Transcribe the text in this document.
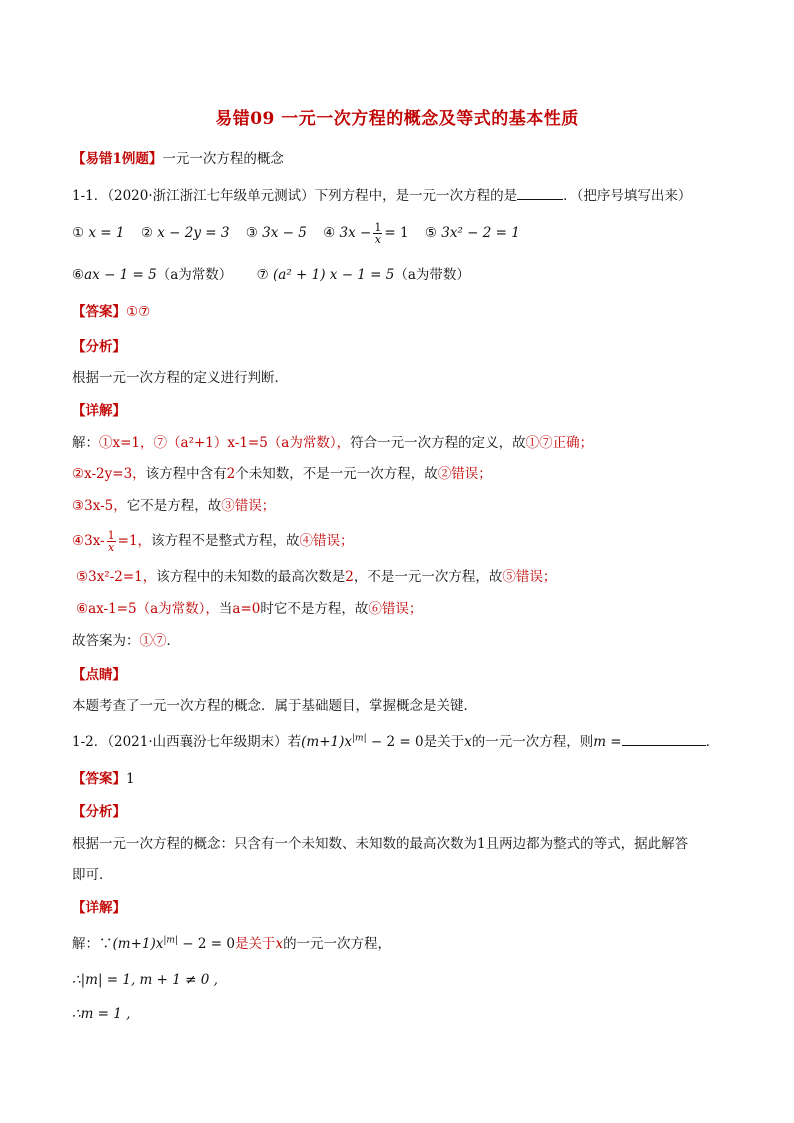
易错09 一元一次方程的概念及等式的基本性质
【易错1例题】一元一次方程的概念
1-1．（2020·浙江浙江七年级单元测试）下列方程中，是一元一次方程的是	．（把序号填写出来）
① x = 1 ② x − 2y = 3 ③ 3x − 5 ④ $3x - \frac{1}{x} = 1$ ⑤ 3x² − 2 = 1
⑥ax − 1 = 5（a为常数） ⑦ (a² + 1) x − 1 = 5（a为带数）
【答案】①⑦
【分析】
根据一元一次方程的定义进行判断．
【详解】
解：①x=1，⑦（a²+1）x-1=5（a为常数），符合一元一次方程的定义，故①⑦正确；
②x-2y=3，该方程中含有2个未知数，不是一元一次方程，故②错误；
③3x-5，它不是方程，故③错误；
④3x- $\frac{1}{x} =1$，该方程不是整式方程，故④错误；
⑤3x²-2=1，该方程中的未知数的最高次数是2，不是一元一次方程，故⑤错误；
⑥ax-1=5（a为常数），当a=0时它不是方程，故⑥错误；
故答案为：①⑦．
【点睛】
本题考查了一元一次方程的概念．属于基础题目，掌握概念是关键．
1-2．（2021·山西襄汾七年级期末）若$(m+1)x^{|m|} - 2 = 0$是关于x的一元一次方程，则m =	．
【答案】1
【分析】
根据一元一次方程的概念：只含有一个未知数、未知数的最高次数为1且两边都为整式的等式，据此解答
即可．
【详解】
解：$\because(m+1)x^{|m|} - 2 = 0$是关于x的一元一次方程，
∴|m| = 1, m + 1 ≠ 0 ,
∴m = 1 ,
